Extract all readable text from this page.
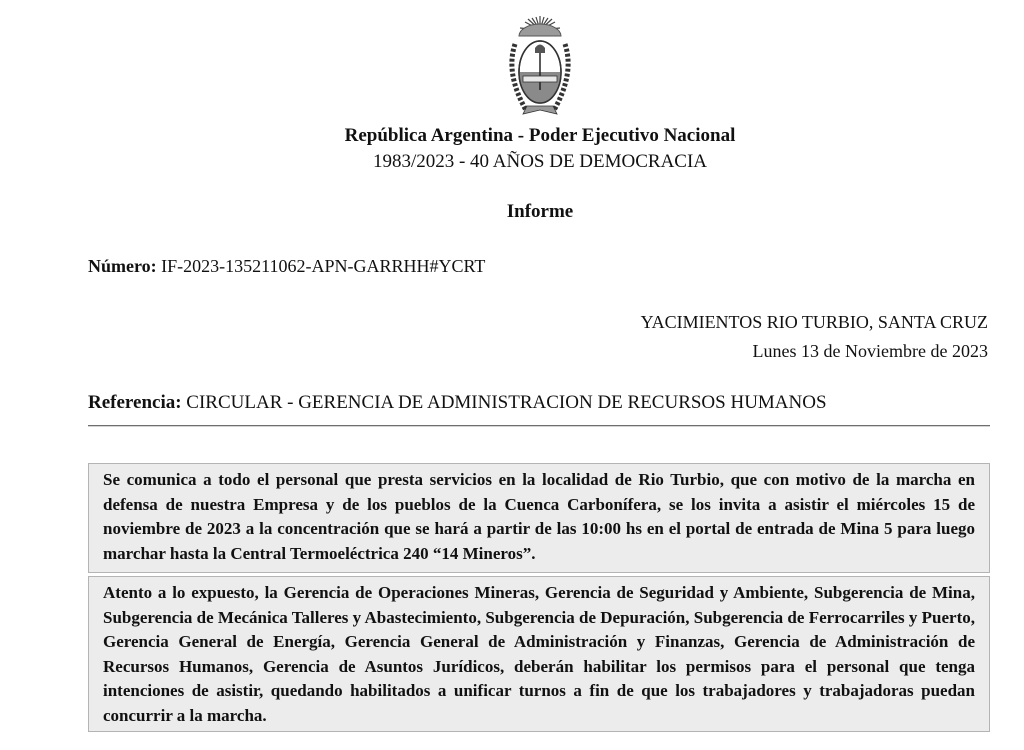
República Argentina - Poder Ejecutivo Nacional
1983/2023 - 40 AÑOS DE DEMOCRACIA
Informe
Número: IF-2023-135211062-APN-GARRHH#YCRT
YACIMIENTOS RIO TURBIO, SANTA CRUZ
Lunes 13 de Noviembre de 2023
Referencia: CIRCULAR - GERENCIA DE ADMINISTRACION DE RECURSOS HUMANOS
Se comunica a todo el personal que presta servicios en la localidad de Rio Turbio, que con motivo de la marcha en defensa de nuestra Empresa y de los pueblos de la Cuenca Carbonífera, se los invita a asistir el miércoles 15 de noviembre de 2023 a la concentración que se hará a partir de las 10:00 hs en el portal de entrada de Mina 5 para luego marchar hasta la Central Termoeléctrica 240 “14 Mineros”.
Atento a lo expuesto, la Gerencia de Operaciones Mineras, Gerencia de Seguridad y Ambiente, Subgerencia de Mina, Subgerencia de Mecánica Talleres y Abastecimiento, Subgerencia de Depuración, Subgerencia de Ferrocarriles y Puerto, Gerencia General de Energía, Gerencia General de Administración y Finanzas, Gerencia de Administración de Recursos Humanos, Gerencia de Asuntos Jurídicos, deberán habilitar los permisos para el personal que tenga intenciones de asistir, quedando habilitados a unificar turnos a fin de que los trabajadores y trabajadoras puedan concurrir a la marcha.
